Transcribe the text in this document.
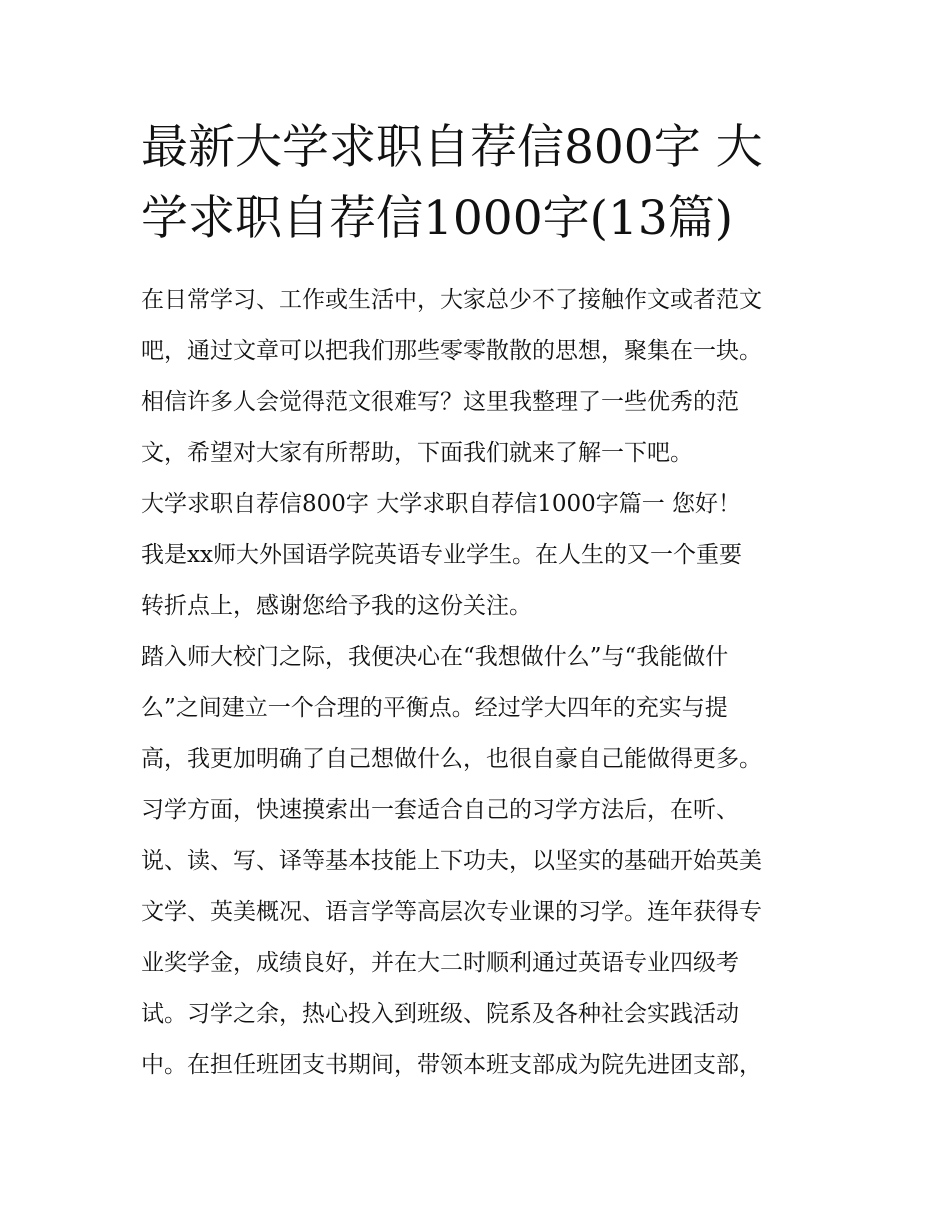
最新大学求职自荐信800字 大
学求职自荐信1000字(13篇)
在日常学习、工作或生活中，大家总少不了接触作文或者范文
吧，通过文章可以把我们那些零零散散的思想，聚集在一块。
相信许多人会觉得范文很难写？这里我整理了一些优秀的范
文，希望对大家有所帮助，下面我们就来了解一下吧。
大学求职自荐信800字 大学求职自荐信1000字篇一 您好！
我是xx师大外国语学院英语专业学生。在人生的又一个重要
转折点上，感谢您给予我的这份关注。
踏入师大校门之际，我便决心在“我想做什么”与“我能做什
么”之间建立一个合理的平衡点。经过学大四年的充实与提
高，我更加明确了自己想做什么，也很自豪自己能做得更多。
习学方面，快速摸索出一套适合自己的习学方法后，在听、
说、读、写、译等基本技能上下功夫，以坚实的基础开始英美
文学、英美概况、语言学等高层次专业课的习学。连年获得专
业奖学金，成绩良好，并在大二时顺利通过英语专业四级考
试。习学之余，热心投入到班级、院系及各种社会实践活动
中。在担任班团支书期间，带领本班支部成为院先进团支部，
